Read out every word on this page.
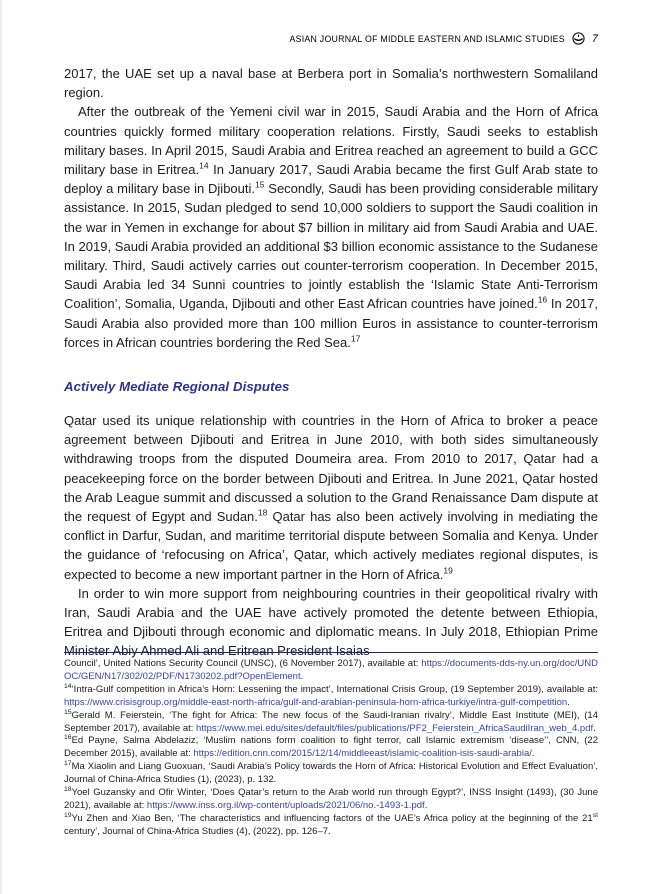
ASIAN JOURNAL OF MIDDLE EASTERN AND ISLAMIC STUDIES 7

2017, the UAE set up a naval base at Berbera port in Somalia’s northwestern Somaliland region.

After the outbreak of the Yemeni civil war in 2015, Saudi Arabia and the Horn of Africa countries quickly formed military cooperation relations. Firstly, Saudi seeks to establish military bases. In April 2015, Saudi Arabia and Eritrea reached an agreement to build a GCC military base in Eritrea.$^{14}$ In January 2017, Saudi Arabia became the first Gulf Arab state to deploy a military base in Djibouti.$^{15}$ Secondly, Saudi has been providing considerable military assistance. In 2015, Sudan pledged to send 10,000 soldiers to support the Saudi coalition in the war in Yemen in exchange for about $7 billion in military aid from Saudi Arabia and UAE. In 2019, Saudi Arabia provided an additional $3 billion economic assistance to the Sudanese military. Third, Saudi actively carries out counter-terrorism cooperation. In December 2015, Saudi Arabia led 34 Sunni countries to jointly establish the ‘Islamic State Anti-Terrorism Coalition’, Somalia, Uganda, Djibouti and other East African countries have joined.$^{16}$ In 2017, Saudi Arabia also provided more than 100 million Euros in assistance to counter-terrorism forces in African countries bordering the Red Sea.$^{17}$

Actively Mediate Regional Disputes

Qatar used its unique relationship with countries in the Horn of Africa to broker a peace agreement between Djibouti and Eritrea in June 2010, with both sides simultaneously withdrawing troops from the disputed Doumeira area. From 2010 to 2017, Qatar had a peacekeeping force on the border between Djibouti and Eritrea. In June 2021, Qatar hosted the Arab League summit and discussed a solution to the Grand Renaissance Dam dispute at the request of Egypt and Sudan.$^{18}$ Qatar has also been actively involving in mediating the conflict in Darfur, Sudan, and maritime territorial dispute between Somalia and Kenya. Under the guidance of ‘refocusing on Africa’, Qatar, which actively mediates regional disputes, is expected to become a new important partner in the Horn of Africa.$^{19}$

In order to win more support from neighbouring countries in their geopolitical rivalry with Iran, Saudi Arabia and the UAE have actively promoted the detente between Ethiopia, Eritrea and Djibouti through economic and diplomatic means. In July 2018, Ethiopian Prime Minister Abiy Ahmed Ali and Eritrean President Isaias

Council’, United Nations Security Council (UNSC), (6 November 2017), available at: https://documents-dds-ny.un.org/doc/UNDOC/GEN/N17/302/02/PDF/N1730202.pdf?OpenElement.

$^{14}$‘Intra-Gulf competition in Africa’s Horn: Lessening the impact’, International Crisis Group, (19 September 2019), available at: https://www.crisisgroup.org/middle-east-north-africa/gulf-and-arabian-peninsula-horn-africa-turkiye/intra-gulf-competition.

$^{15}$Gerald M. Feierstein, ‘The fight for Africa: The new focus of the Saudi-Iranian rivalry’, Middle East Institute (MEI), (14 September 2017), available at: https://www.mei.edu/sites/default/files/publications/PF2_Feierstein_AfricaSaudiIran_web_4.pdf.

$^{16}$Ed Payne, Salma Abdelaziz, ‘Muslim nations form coalition to fight terror, call Islamic extremism ‘disease’’, CNN, (22 December 2015), available at: https://edition.cnn.com/2015/12/14/middleeast/islamic-coalition-isis-saudi-arabia/.

$^{17}$Ma Xiaolin and Liang Guoxuan, ‘Saudi Arabia’s Policy towards the Horn of Africa: Historical Evolution and Effect Evaluation’, Journal of China-Africa Studies (1), (2023), p. 132.

$^{18}$Yoel Guzansky and Ofir Winter, ‘Does Qatar’s return to the Arab world run through Egypt?’, INSS Insight (1493), (30 June 2021), available at: https://www.inss.org.il/wp-content/uploads/2021/06/no.-1493-1.pdf.

$^{19}$Yu Zhen and Xiao Ben, ‘The characteristics and influencing factors of the UAE’s Africa policy at the beginning of the 21st century’, Journal of China-Africa Studies (4), (2022), pp. 126–7.
